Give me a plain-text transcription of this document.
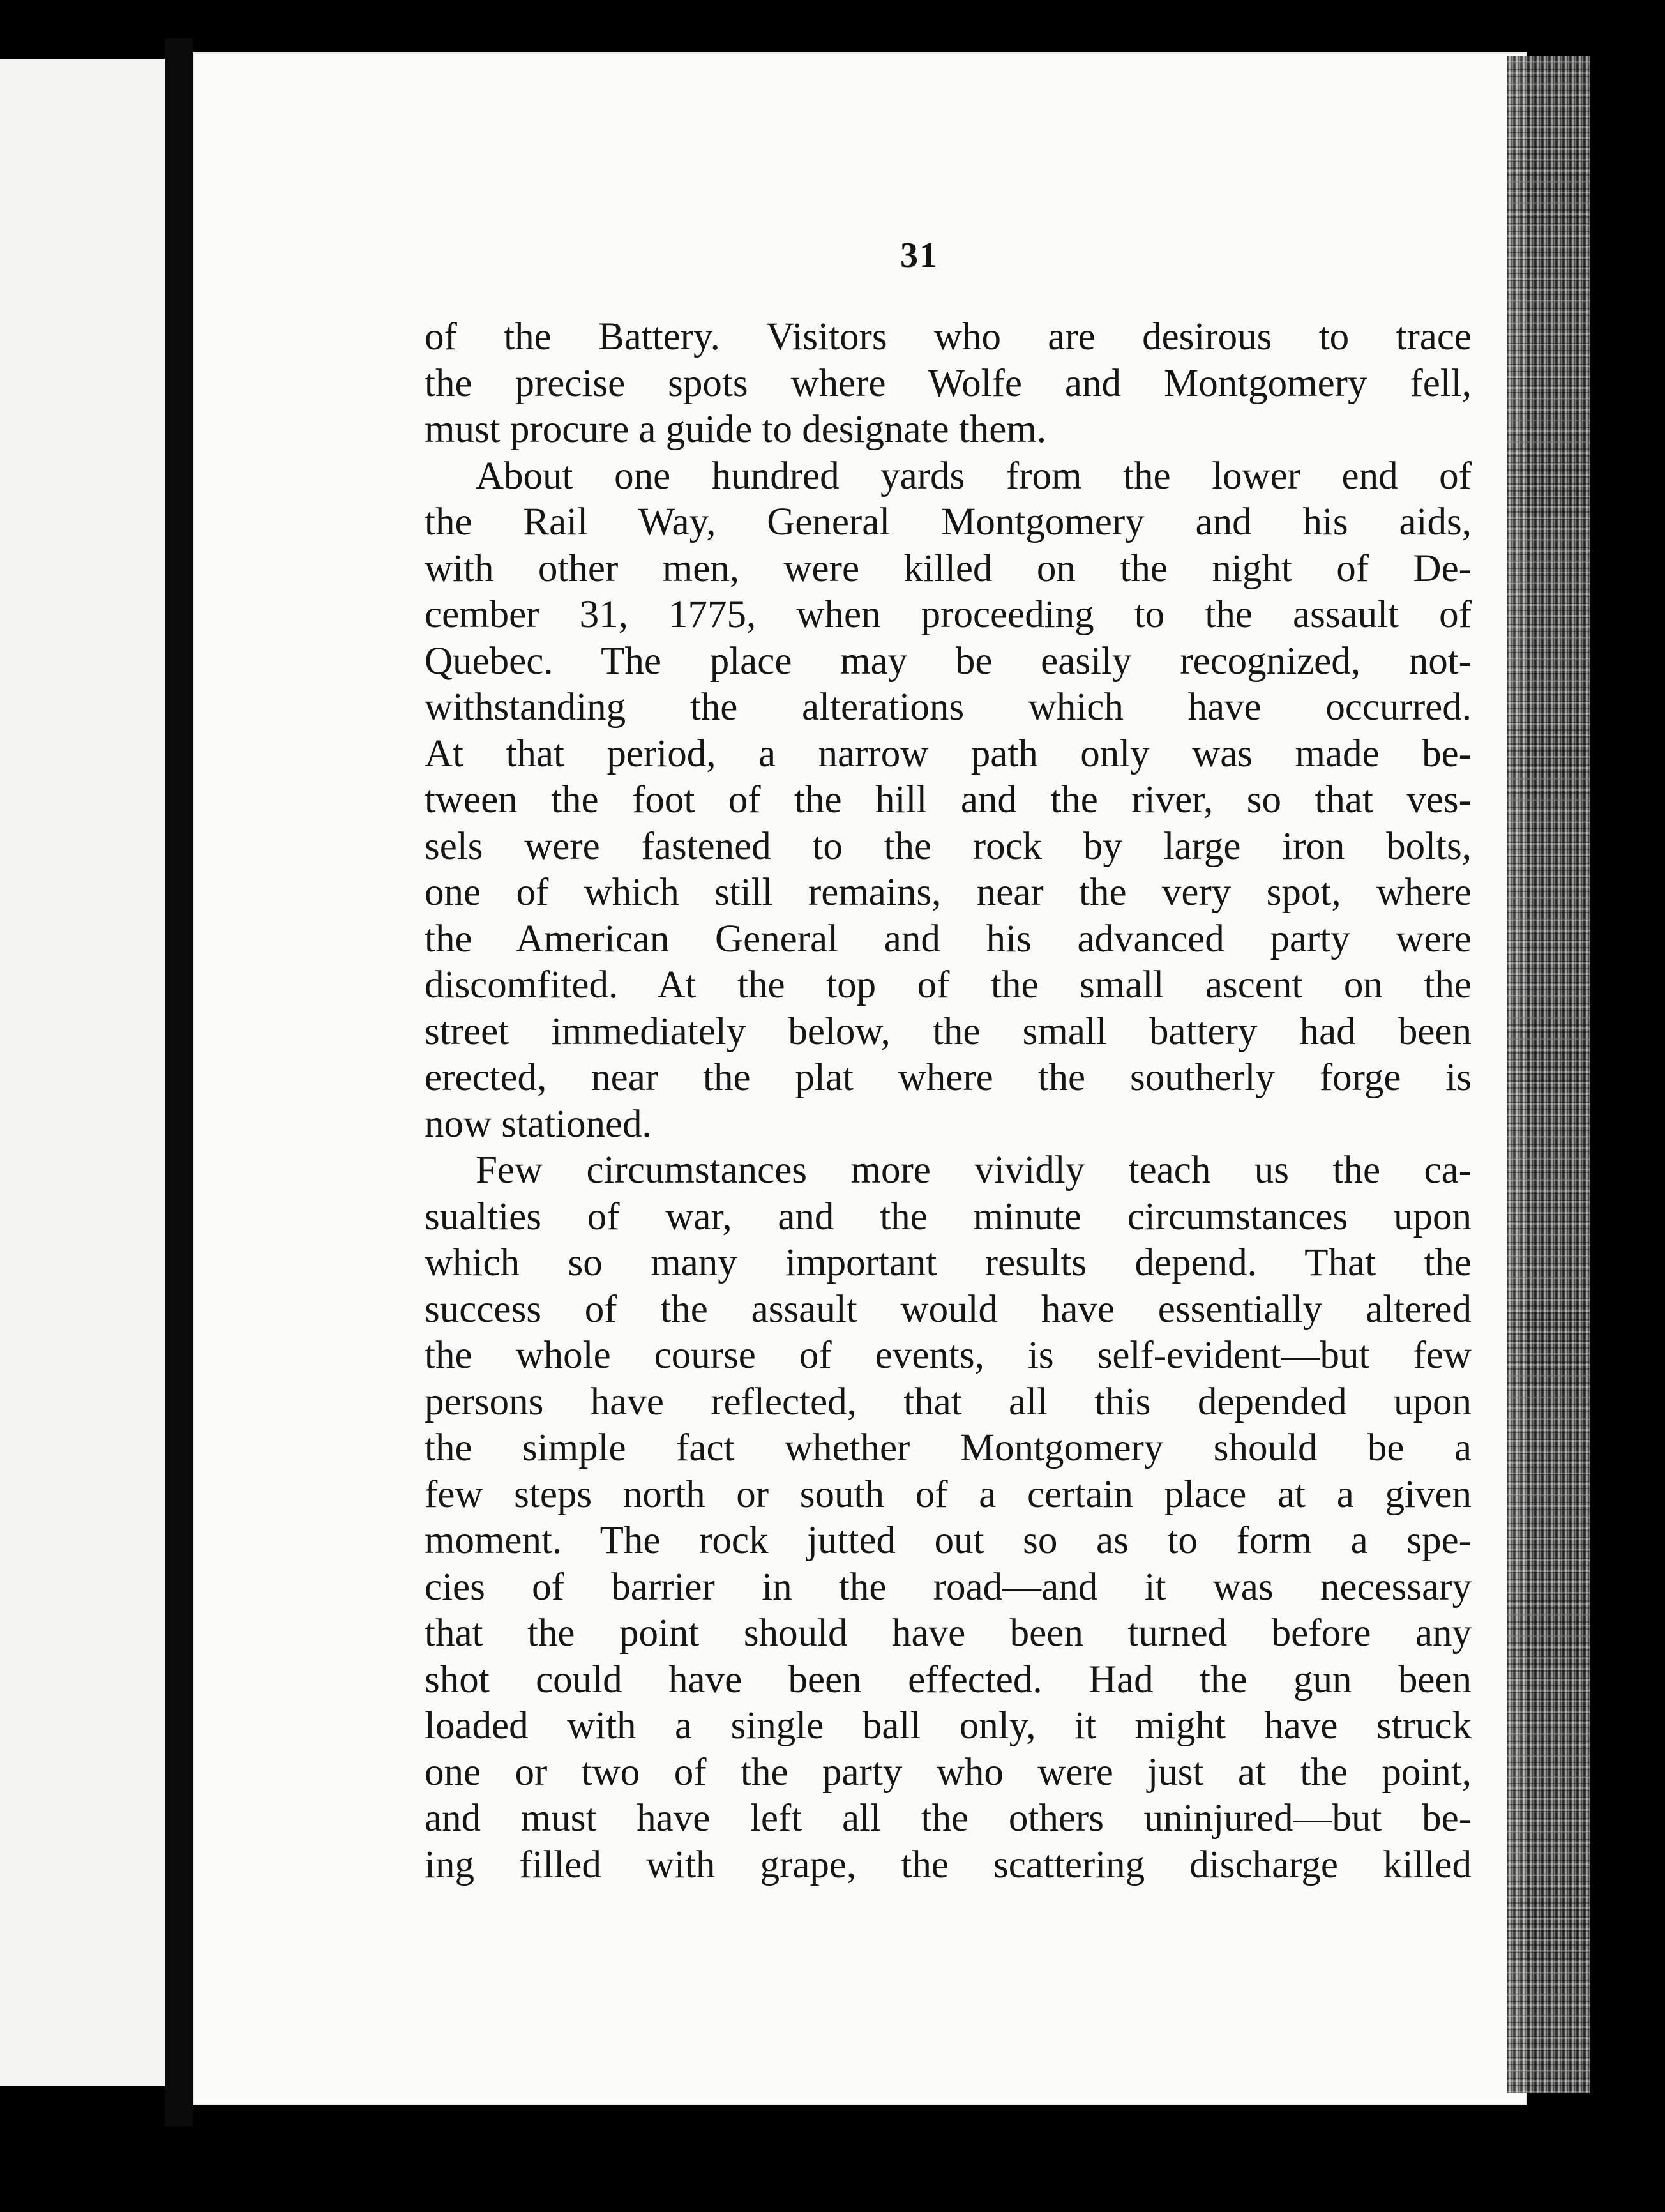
31
of the Battery. Visitors who are desirous to trace
the precise spots where Wolfe and Montgomery fell,
must procure a guide to designate them.
About one hundred yards from the lower end of
the Rail Way, General Montgomery and his aids,
with other men, were killed on the night of De-
cember 31, 1775, when proceeding to the assault of
Quebec. The place may be easily recognized, not-
withstanding the alterations which have occurred.
At that period, a narrow path only was made be-
tween the foot of the hill and the river, so that ves-
sels were fastened to the rock by large iron bolts,
one of which still remains, near the very spot, where
the American General and his advanced party were
discomfited. At the top of the small ascent on the
street immediately below, the small battery had been
erected, near the plat where the southerly forge is
now stationed.
Few circumstances more vividly teach us the ca-
sualties of war, and the minute circumstances upon
which so many important results depend. That the
success of the assault would have essentially altered
the whole course of events, is self-evident—but few
persons have reflected, that all this depended upon
the simple fact whether Montgomery should be a
few steps north or south of a certain place at a given
moment. The rock jutted out so as to form a spe-
cies of barrier in the road—and it was necessary
that the point should have been turned before any
shot could have been effected. Had the gun been
loaded with a single ball only, it might have struck
one or two of the party who were just at the point,
and must have left all the others uninjured—but be-
ing filled with grape, the scattering discharge killed
